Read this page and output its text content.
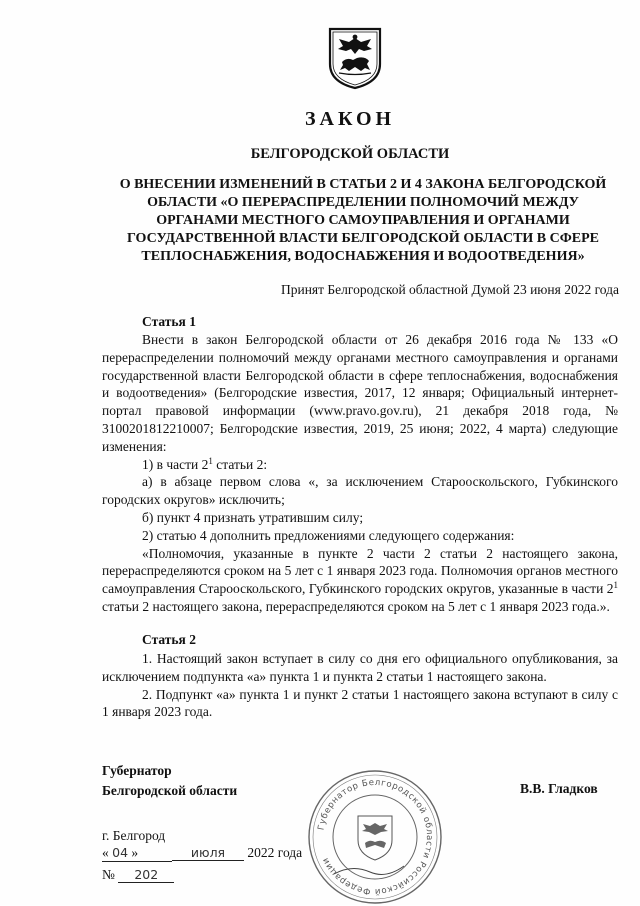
ЗАКОН
БЕЛГОРОДСКОЙ ОБЛАСТИ
О ВНЕСЕНИИ ИЗМЕНЕНИЙ В СТАТЬИ 2 И 4 ЗАКОНА БЕЛГОРОДСКОЙ
ОБЛАСТИ «О ПЕРЕРАСПРЕДЕЛЕНИИ ПОЛНОМОЧИЙ МЕЖДУ
ОРГАНАМИ МЕСТНОГО САМОУПРАВЛЕНИЯ И ОРГАНАМИ
ГОСУДАРСТВЕННОЙ ВЛАСТИ БЕЛГОРОДСКОЙ ОБЛАСТИ В СФЕРЕ
ТЕПЛОСНАБЖЕНИЯ, ВОДОСНАБЖЕНИЯ И ВОДООТВЕДЕНИЯ»
Принят Белгородской областной Думой 23 июня 2022 года
Статья 1

Внести в закон Белгородской области от 26 декабря 2016 года № 133 «О перераспределении полномочий между органами местного самоуправления и органами государственной власти Белгородской области в сфере теплоснабжения, водоснабжения и водоотведения» (Белгородские известия, 2017, 12 января; Официальный интернет-портал правовой информации (www.pravo.gov.ru), 21 декабря 2018 года, № 3100201812210007; Белгородские известия, 2019, 25 июня; 2022, 4 марта) следующие изменения:

1) в части $2^1$ статьи 2:

а) в абзаце первом слова «, за исключением Старооскольского, Губкинского городских округов» исключить;

б) пункт 4 признать утратившим силу;

2) статью 4 дополнить предложениями следующего содержания:

«Полномочия, указанные в пункте 2 части 2 статьи 2 настоящего закона, перераспределяются сроком на 5 лет с 1 января 2023 года. Полномочия органов местного самоуправления Старооскольского, Губкинского городских округов, указанные в части $2^1$ статьи 2 настоящего закона, перераспределяются сроком на 5 лет с 1 января 2023 года.».

Статья 2

1. Настоящий закон вступает в силу со дня его официального опубликования, за исключением подпункта «а» пункта 1 и пункта 2 статьи 1 настоящего закона.

2. Подпункт «а» пункта 1 и пункт 2 статьи 1 настоящего закона вступают в силу с 1 января 2023 года.

Губернатор
Белгородской области	В.В. Гладков
Губернатор Белгородской области Российской Федерации
г. Белгород
« 04 »	июля 2022 года
№ 202
